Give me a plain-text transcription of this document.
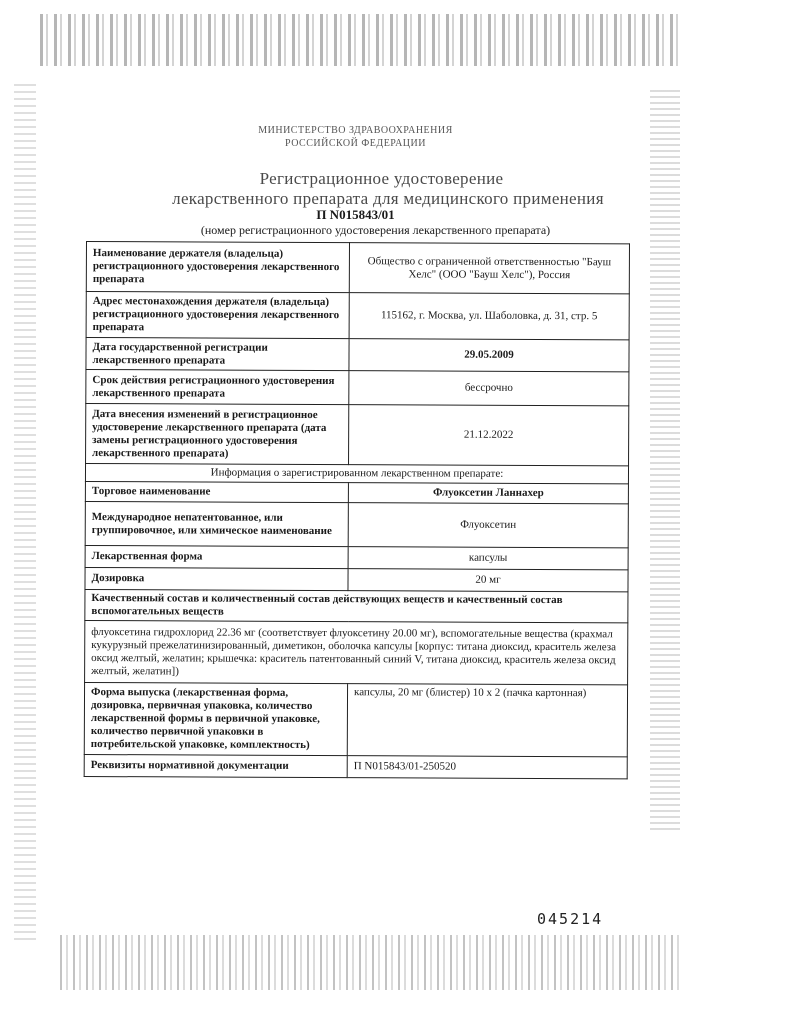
МИНИСТЕРСТВО ЗДРАВООХРАНЕНИЯ
РОССИЙСКОЙ ФЕДЕРАЦИИ
Регистрационное удостоверение
лекарственного препарата для медицинского применения
П N015843/01
(номер регистрационного удостоверения лекарственного препарата)
Наименование держателя (владельца) регистрационного удостоверения лекарственного препарата	Общество с ограниченной ответственностью "Бауш Хелс" (ООО "Бауш Хелс"), Россия
Адрес местонахождения держателя (владельца) регистрационного удостоверения лекарственного препарата	115162, г. Москва, ул. Шаболовка, д. 31, стр. 5
Дата государственной регистрации лекарственного препарата	29.05.2009
Срок действия регистрационного удостоверения лекарственного препарата	бессрочно
Дата внесения изменений в регистрационное удостоверение лекарственного препарата (дата замены регистрационного удостоверения лекарственного препарата)	21.12.2022
Информация о зарегистрированном лекарственном препарате:	
Торговое наименование	Флуоксетин Ланнахер
Международное непатентованное, или группировочное, или химическое наименование	Флуоксетин
Лекарственная форма	капсулы
Дозировка	20 мг
Качественный состав и количественный состав действующих веществ и качественный состав вспомогательных веществ	
флуоксетина гидрохлорид 22.36 мг (соответствует флуоксетину 20.00 мг), вспомогательные вещества (крахмал кукурузный прежелатинизированный, диметикон, оболочка капсулы [корпус: титана диоксид, краситель железа оксид желтый, желатин; крышечка: краситель патентованный синий V, титана диоксид, краситель железа оксид желтый, желатин])	
Форма выпуска (лекарственная форма, дозировка, первичная упаковка, количество лекарственной формы в первичной упаковке, количество первичной упаковки в потребительской упаковке, комплектность)	капсулы, 20 мг (блистер) 10 х 2 (пачка картонная)
Реквизиты нормативной документации	П N015843/01-250520
045214
